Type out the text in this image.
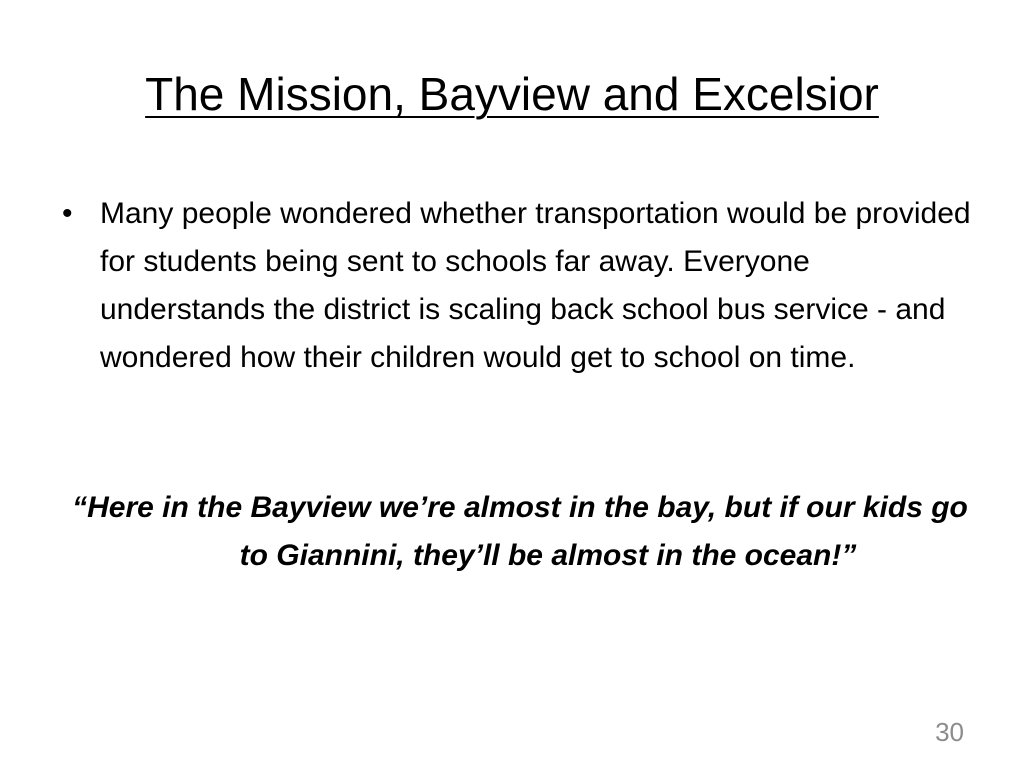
The Mission, Bayview and Excelsior
• Many people wondered whether transportation would be provided for students being sent to schools far away. Everyone understands the district is scaling back school bus service - and wondered how their children would get to school on time.

“Here in the Bayview we’re almost in the bay, but if our kids go to Giannini, they’ll be almost in the ocean!”

30
